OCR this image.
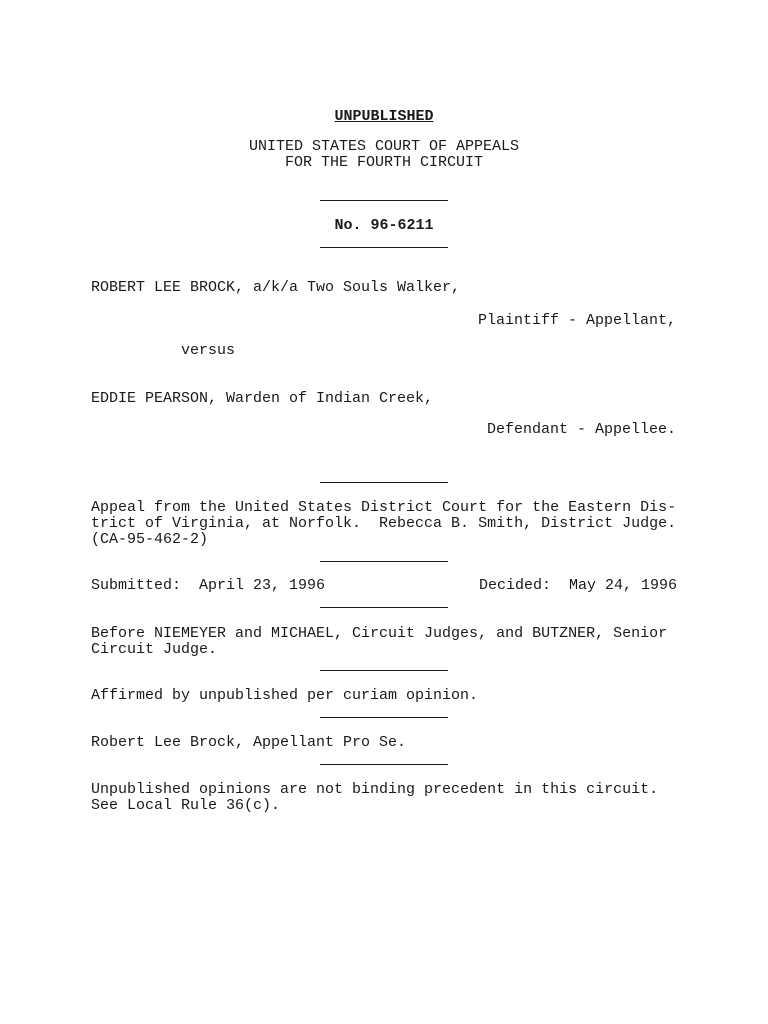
UNPUBLISHED
UNITED STATES COURT OF APPEALS
FOR THE FOURTH CIRCUIT
No. 96-6211
ROBERT LEE BROCK, a/k/a Two Souls Walker,
Plaintiff - Appellant,
versus
EDDIE PEARSON, Warden of Indian Creek,
Defendant - Appellee.
Appeal from the United States District Court for the Eastern Dis-
trict of Virginia, at Norfolk.  Rebecca B. Smith, District Judge.
(CA-95-462-2)
Submitted:  April 23, 1996	Decided:  May 24, 1996
Before NIEMEYER and MICHAEL, Circuit Judges, and BUTZNER, Senior
Circuit Judge.
Affirmed by unpublished per curiam opinion.
Robert Lee Brock, Appellant Pro Se.
Unpublished opinions are not binding precedent in this circuit.
See Local Rule 36(c).
